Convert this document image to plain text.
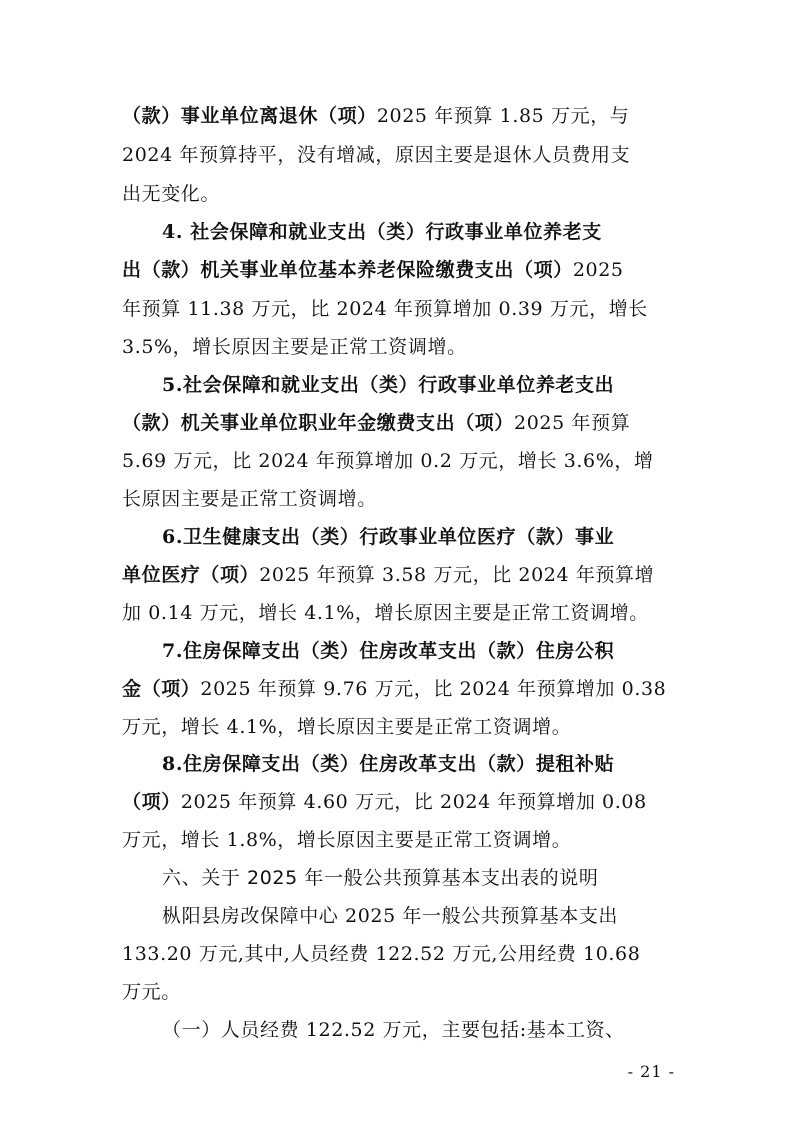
（款）事业单位离退休（项）2025 年预算 1.85 万元，与
2024 年预算持平，没有增减，原因主要是退休人员费用支
出无变化。
4. 社会保障和就业支出（类）行政事业单位养老支
出（款）机关事业单位基本养老保险缴费支出（项）2025
年预算 11.38 万元，比 2024 年预算增加 0.39 万元，增长
3.5%，增长原因主要是正常工资调增。
5.社会保障和就业支出（类）行政事业单位养老支出
（款）机关事业单位职业年金缴费支出（项）2025 年预算
5.69 万元，比 2024 年预算增加 0.2 万元，增长 3.6%，增
长原因主要是正常工资调增。
6.卫生健康支出（类）行政事业单位医疗（款）事业
单位医疗（项）2025 年预算 3.58 万元，比 2024 年预算增
加 0.14 万元，增长 4.1%，增长原因主要是正常工资调增。
7.住房保障支出（类）住房改革支出（款）住房公积
金（项）2025 年预算 9.76 万元，比 2024 年预算增加 0.38
万元，增长 4.1%，增长原因主要是正常工资调增。
8.住房保障支出（类）住房改革支出（款）提租补贴
（项）2025 年预算 4.60 万元，比 2024 年预算增加 0.08
万元，增长 1.8%，增长原因主要是正常工资调增。
六、关于 2025 年一般公共预算基本支出表的说明
枞阳县房改保障中心 2025 年一般公共预算基本支出
133.20 万元,其中,人员经费 122.52 万元,公用经费 10.68
万元。
（一）人员经费 122.52 万元，主要包括:基本工资、
- 21 -
